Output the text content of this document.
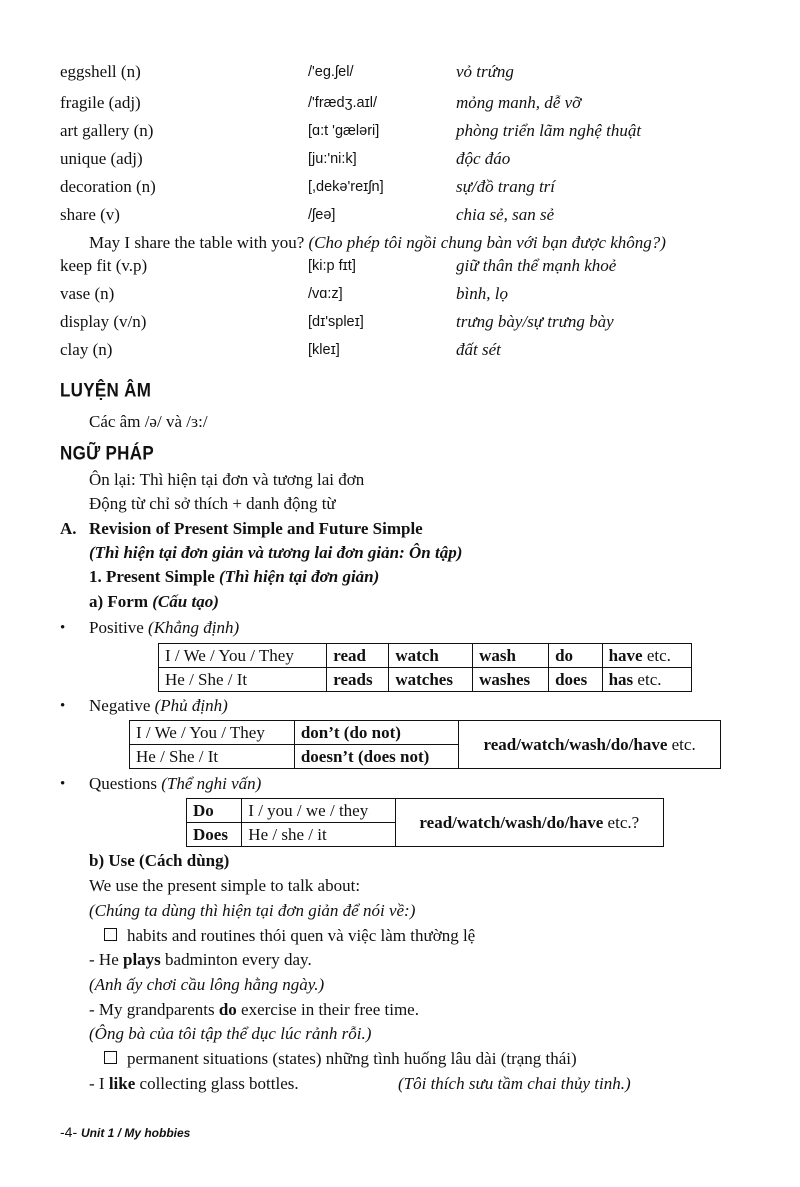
eggshell (n)	/'eg.ʃel/	vỏ trứng
fragile (adj)	/'frædʒ.aɪl/	mỏng manh, dễ vỡ
art gallery (n)	[ɑ:t 'gæləri]	phòng triển lãm nghệ thuật
unique (adj)	[ju:'ni:k]	độc đáo
decoration (n)	[,dekə'reɪʃn]	sự/đồ trang trí
share (v)	/ʃeə]	chia sẻ, san sẻ
May I share the table with you? (Cho phép tôi ngồi chung bàn với bạn được không?)
keep fit (v.p)	[ki:p fɪt]	giữ thân thể mạnh khoẻ
vase (n)	/vɑ:z]	bình, lọ
display (v/n)	[dɪ'spleɪ]	trưng bày/sự trưng bày
clay (n)	[kleɪ]	đất sét
LUYỆN ÂM
Các âm /ə/ và /ɜ:/
NGỮ PHÁP
Ôn lại: Thì hiện tại đơn và tương lai đơn
Động từ chỉ sở thích + danh động từ
A. Revision of Present Simple and Future Simple
(Thì hiện tại đơn giản và tương lai đơn giản: Ôn tập)
1. Present Simple (Thì hiện tại đơn giản)
a) Form (Cấu tạo)
• Positive (Khẳng định)
I / We / You / They	read	watch	wash	do	have etc.
He / She / It	reads	watches	washes	does	has etc.
• Negative (Phủ định)
I / We / You / They	don’t (do not)	read/watch/wash/do/have etc.
He / She / It	doesn’t (does not)	
• Questions (Thể nghi vấn)
Do	I / you / we / they	read/watch/wash/do/have etc.?
Does	He / she / it	
b) Use (Cách dùng)
We use the present simple to talk about:
(Chúng ta dùng thì hiện tại đơn giản để nói về:)
habits and routines thói quen và việc làm thường lệ
- He plays badminton every day.
(Anh ấy chơi cầu lông hằng ngày.)
- My grandparents do exercise in their free time.
(Ông bà của tôi tập thể dục lúc rảnh rỗi.)
permanent situations (states) những tình huống lâu dài (trạng thái)
- I like collecting glass bottles.	(Tôi thích sưu tầm chai thủy tinh.)
-4- Unit 1 / My hobbies
